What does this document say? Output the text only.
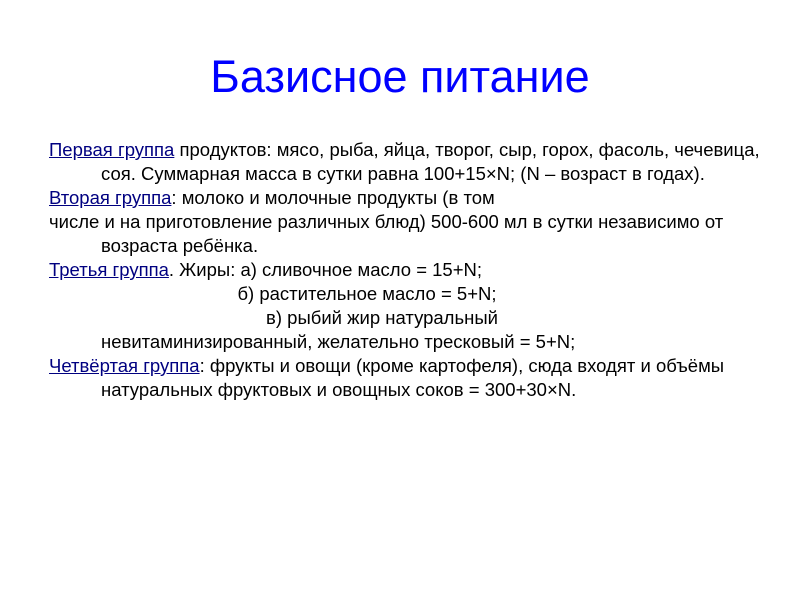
Базисное питание

Первая группа продуктов: мясо, рыба, яйца, творог, сыр, горох, фасоль, чечевица, соя. Суммарная масса в сутки равна 100+15×N; (N – возраст в годах).

Вторая группа: молоко и молочные продукты (в том

числе и на приготовление различных блюд) 500-600 мл в сутки независимо от возраста ребёнка.

Третья группа. Жиры: а) сливочное масло = 15+N;

б) растительное масло = 5+N;

в) рыбий жир натуральный

невитаминизированный, желательно тресковый = 5+N;

Четвёртая группа: фрукты и овощи (кроме картофеля), сюда входят и объёмы натуральных фруктовых и овощных соков = 300+30×N.
